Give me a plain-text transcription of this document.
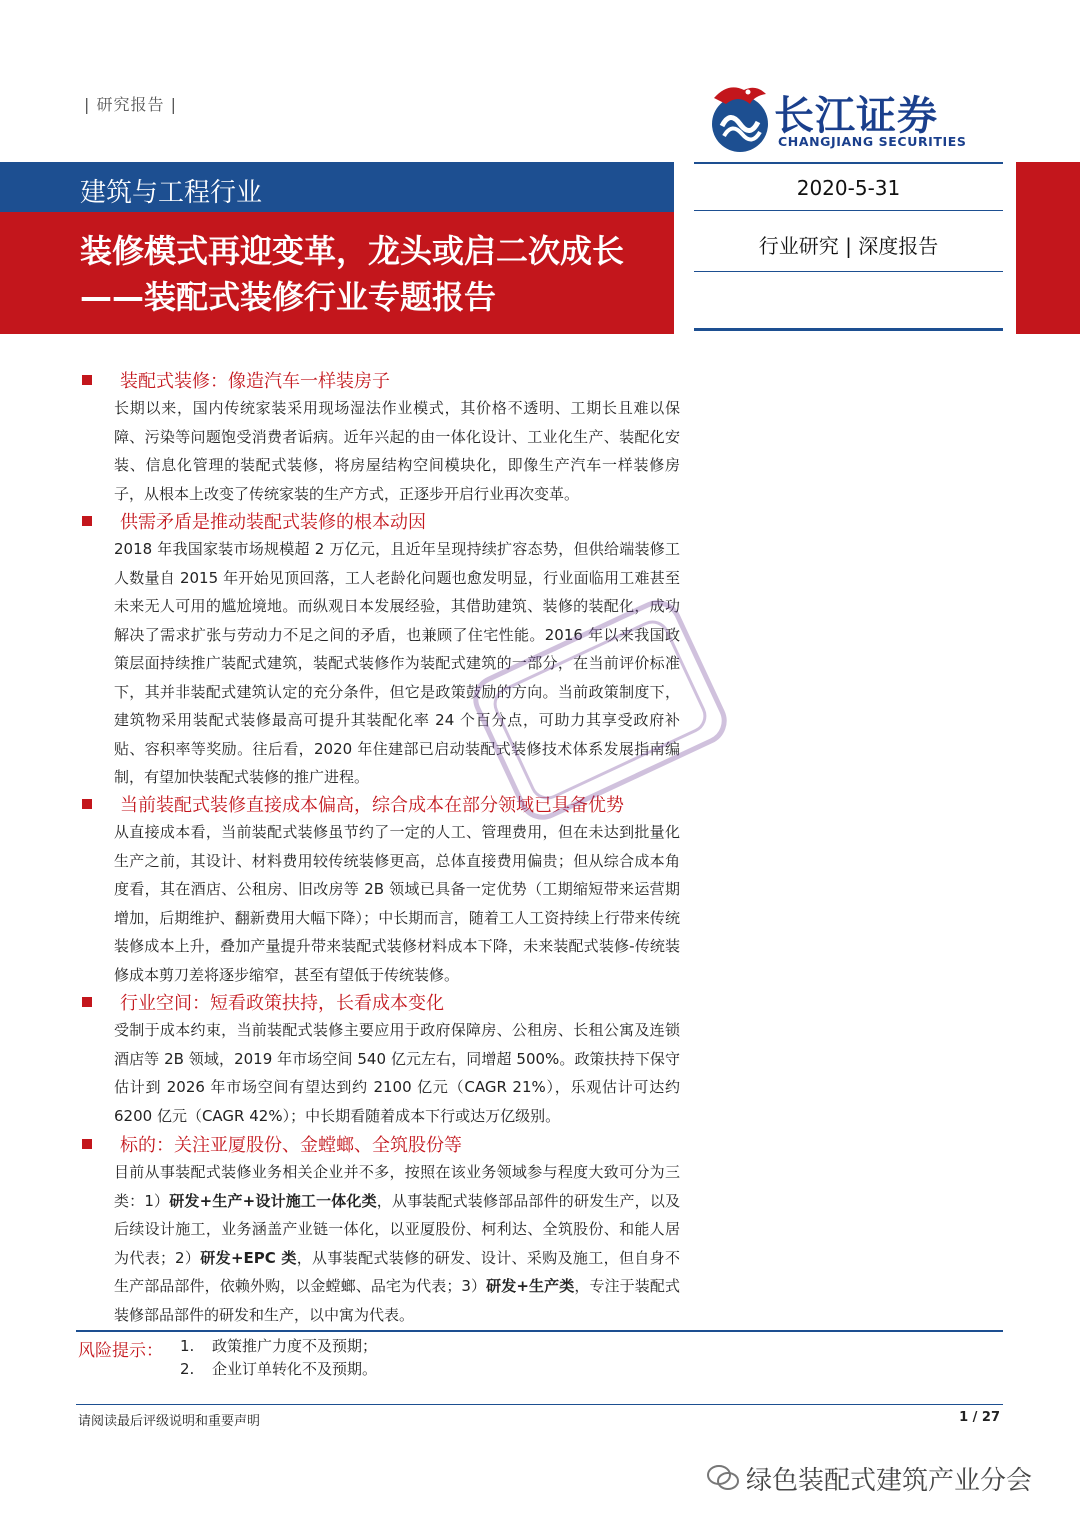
| 研究报告 |	长江证券
CHANGJIANG SECURITIES
建筑与工程行业
装修模式再迎变革，龙头或启二次成长——装配式装修行业专题报告
2020-5-31
行业研究 | 深度报告
装配式装修：像造汽车一样装房子

长期以来，国内传统家装采用现场湿法作业模式，其价格不透明、工期长且难以保障、污染等问题饱受消费者诟病。近年兴起的由一体化设计、工业化生产、装配化安装、信息化管理的装配式装修，将房屋结构空间模块化，即像生产汽车一样装修房子，从根本上改变了传统家装的生产方式，正逐步开启行业再次变革。

供需矛盾是推动装配式装修的根本动因

2018 年我国家装市场规模超 2 万亿元，且近年呈现持续扩容态势，但供给端装修工人数量自 2015 年开始见顶回落，工人老龄化问题也愈发明显，行业面临用工难甚至未来无人可用的尴尬境地。而纵观日本发展经验，其借助建筑、装修的装配化，成功解决了需求扩张与劳动力不足之间的矛盾，也兼顾了住宅性能。2016 年以来我国政策层面持续推广装配式建筑，装配式装修作为装配式建筑的一部分，在当前评价标准下，其并非装配式建筑认定的充分条件，但它是政策鼓励的方向。当前政策制度下，建筑物采用装配式装修最高可提升其装配化率 24 个百分点，可助力其享受政府补贴、容积率等奖励。往后看，2020 年住建部已启动装配式装修技术体系发展指南编制，有望加快装配式装修的推广进程。

当前装配式装修直接成本偏高，综合成本在部分领域已具备优势

从直接成本看，当前装配式装修虽节约了一定的人工、管理费用，但在未达到批量化生产之前，其设计、材料费用较传统装修更高，总体直接费用偏贵；但从综合成本角度看，其在酒店、公租房、旧改房等 2B 领域已具备一定优势（工期缩短带来运营期增加，后期维护、翻新费用大幅下降）；中长期而言，随着工人工资持续上行带来传统装修成本上升，叠加产量提升带来装配式装修材料成本下降，未来装配式装修-传统装修成本剪刀差将逐步缩窄，甚至有望低于传统装修。

行业空间：短看政策扶持，长看成本变化

受制于成本约束，当前装配式装修主要应用于政府保障房、公租房、长租公寓及连锁酒店等 2B 领域，2019 年市场空间 540 亿元左右，同增超 500%。政策扶持下保守估计到 2026 年市场空间有望达到约 2100 亿元（CAGR 21%），乐观估计可达约 6200 亿元（CAGR 42%）；中长期看随着成本下行或达万亿级别。

标的：关注亚厦股份、金螳螂、全筑股份等

目前从事装配式装修业务相关企业并不多，按照在该业务领域参与程度大致可分为三类：1）研发+生产+设计施工一体化类，从事装配式装修部品部件的研发生产，以及后续设计施工，业务涵盖产业链一体化，以亚厦股份、柯利达、全筑股份、和能人居为代表；2）研发+EPC 类，从事装配式装修的研发、设计、采购及施工，但自身不生产部品部件，依赖外购，以金螳螂、品宅为代表；3）研发+生产类，专注于装配式装修部品部件的研发和生产，以中寓为代表。

风险提示： 1. 政策推广力度不及预期；
2. 企业订单转化不及预期。
请阅读最后评级说明和重要声明	1 / 27
绿色装配式建筑产业分会
